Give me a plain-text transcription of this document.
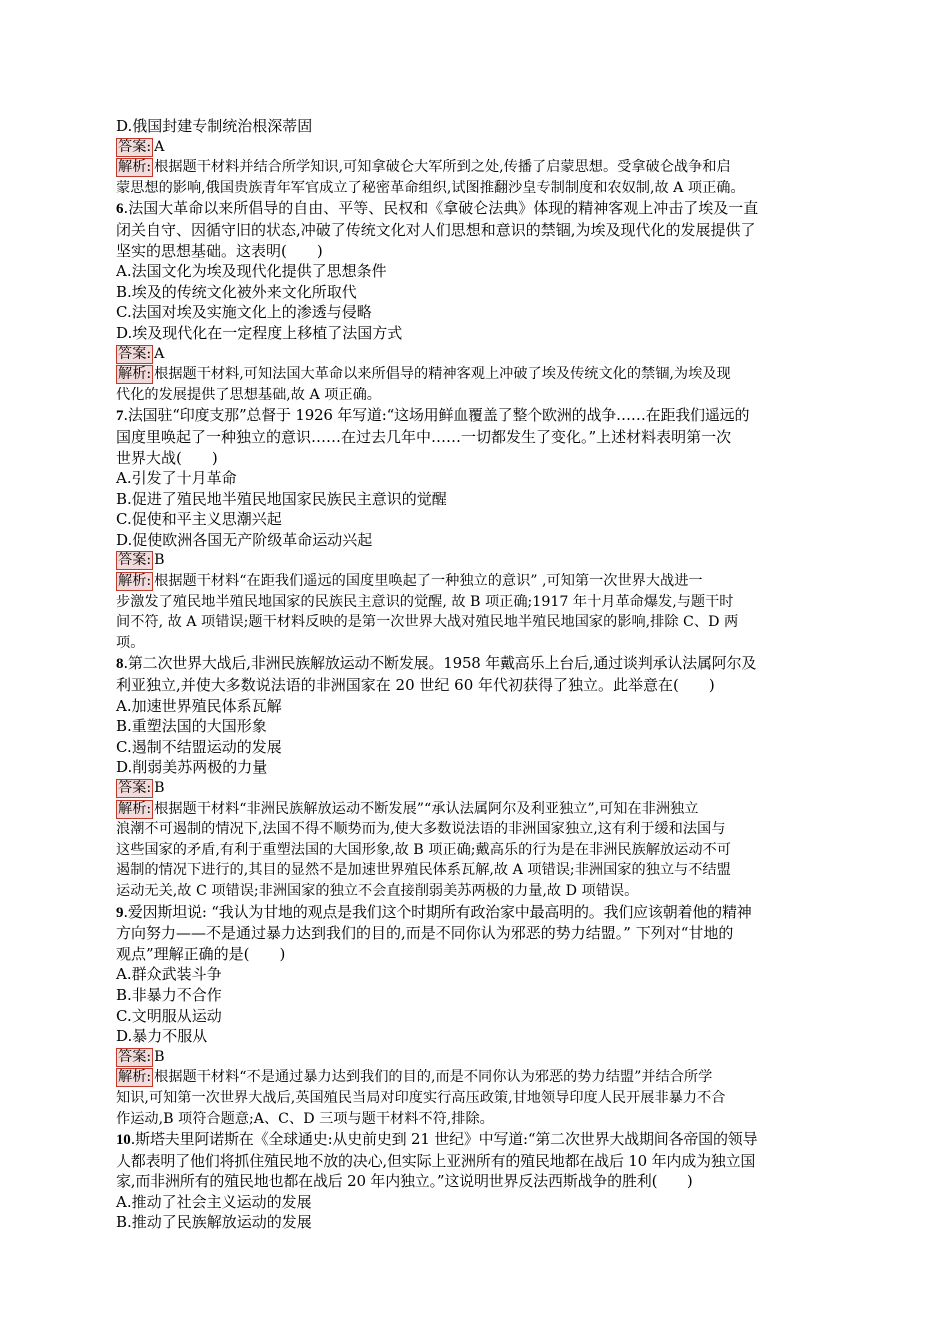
D.俄国封建专制统治根深蒂固
答案: A
解析: 根据题干材料并结合所学知识,可知拿破仑大军所到之处,传播了启蒙思想。受拿破仑战争和启
蒙思想的影响,俄国贵族青年军官成立了秘密革命组织,试图推翻沙皇专制制度和农奴制,故 A 项正确。
6.法国大革命以来所倡导的自由、平等、民权和《拿破仑法典》体现的精神客观上冲击了埃及一直
闭关自守、因循守旧的状态,冲破了传统文化对人们思想和意识的禁锢,为埃及现代化的发展提供了
坚实的思想基础。这表明(　　)
A.法国文化为埃及现代化提供了思想条件
B.埃及的传统文化被外来文化所取代
C.法国对埃及实施文化上的渗透与侵略
D.埃及现代化在一定程度上移植了法国方式
答案: A
解析: 根据题干材料,可知法国大革命以来所倡导的精神客观上冲破了埃及传统文化的禁锢,为埃及现
代化的发展提供了思想基础,故 A 项正确。
7.法国驻“印度支那”总督于 1926 年写道:“这场用鲜血覆盖了整个欧洲的战争……在距我们遥远的
国度里唤起了一种独立的意识……在过去几年中……一切都发生了变化。”上述材料表明第一次
世界大战(　　)
A.引发了十月革命
B.促进了殖民地半殖民地国家民族民主意识的觉醒
C.促使和平主义思潮兴起
D.促使欧洲各国无产阶级革命运动兴起
答案: B
解析: 根据题干材料“在距我们遥远的国度里唤起了一种独立的意识” ,可知第一次世界大战进一
步激发了殖民地半殖民地国家的民族民主意识的觉醒, 故 B 项正确;1917 年十月革命爆发,与题干时
间不符, 故 A 项错误;题干材料反映的是第一次世界大战对殖民地半殖民地国家的影响,排除 C、D 两
项。
8.第二次世界大战后,非洲民族解放运动不断发展。1958 年戴高乐上台后,通过谈判承认法属阿尔及
利亚独立,并使大多数说法语的非洲国家在 20 世纪 60 年代初获得了独立。此举意在(　　)
A.加速世界殖民体系瓦解
B.重塑法国的大国形象
C.遏制不结盟运动的发展
D.削弱美苏两极的力量
答案: B
解析: 根据题干材料“非洲民族解放运动不断发展”“承认法属阿尔及利亚独立”,可知在非洲独立
浪潮不可遏制的情况下,法国不得不顺势而为,使大多数说法语的非洲国家独立,这有利于缓和法国与
这些国家的矛盾,有利于重塑法国的大国形象,故 B 项正确;戴高乐的行为是在非洲民族解放运动不可
遏制的情况下进行的,其目的显然不是加速世界殖民体系瓦解,故 A 项错误;非洲国家的独立与不结盟
运动无关,故 C 项错误;非洲国家的独立不会直接削弱美苏两极的力量,故 D 项错误。
9.爱因斯坦说: “我认为甘地的观点是我们这个时期所有政治家中最高明的。我们应该朝着他的精神
方向努力——不是通过暴力达到我们的目的,而是不同你认为邪恶的势力结盟。” 下列对“甘地的
观点”理解正确的是(　　)
A.群众武装斗争
B.非暴力不合作
C.文明服从运动
D.暴力不服从
答案: B
解析: 根据题干材料“不是通过暴力达到我们的目的,而是不同你认为邪恶的势力结盟”并结合所学
知识,可知第一次世界大战后,英国殖民当局对印度实行高压政策,甘地领导印度人民开展非暴力不合
作运动,B 项符合题意;A、C、D 三项与题干材料不符,排除。
10.斯塔夫里阿诺斯在《全球通史:从史前史到 21 世纪》中写道:“第二次世界大战期间各帝国的领导
人都表明了他们将抓住殖民地不放的决心,但实际上亚洲所有的殖民地都在战后 10 年内成为独立国
家,而非洲所有的殖民地也都在战后 20 年内独立。”这说明世界反法西斯战争的胜利(　　)
A.推动了社会主义运动的发展
B.推动了民族解放运动的发展
